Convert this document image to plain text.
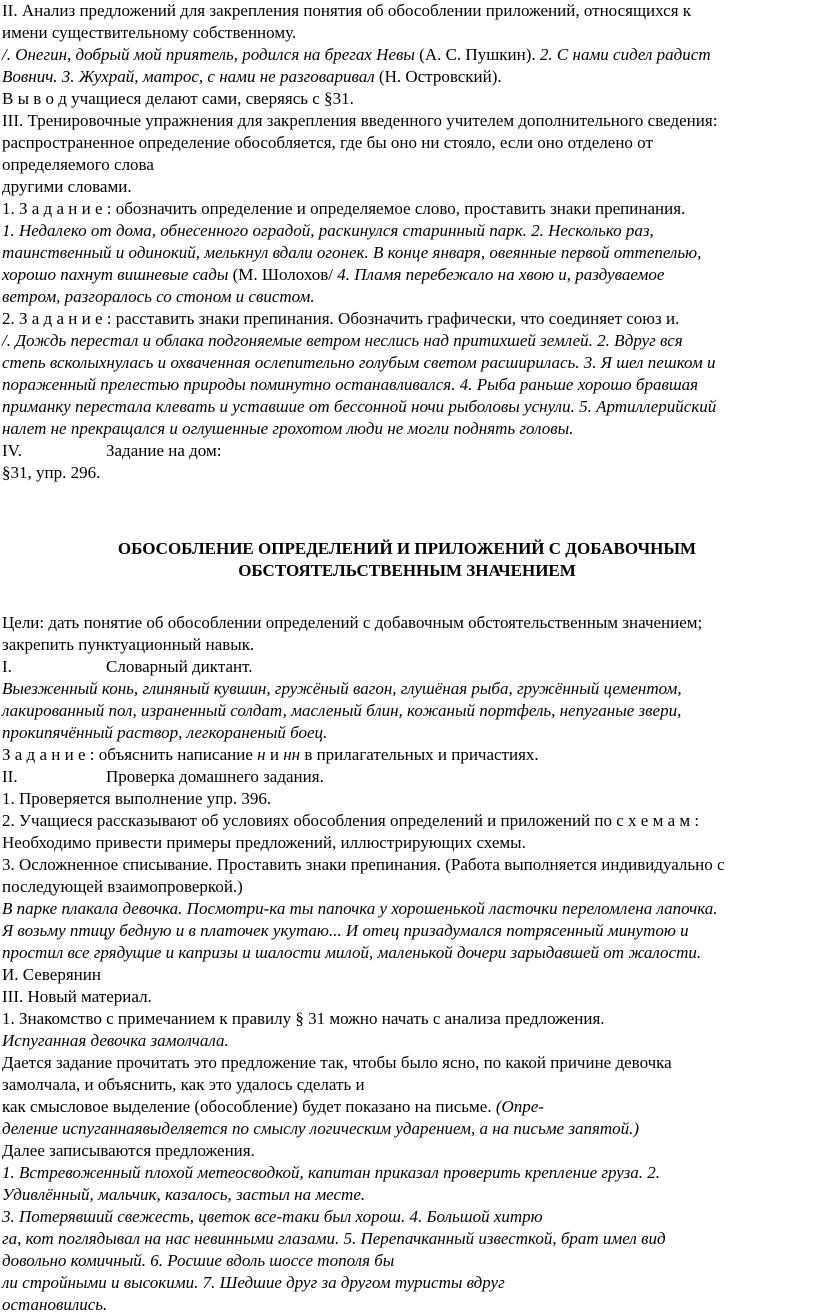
II. Анализ предложений для закрепления понятия об обособлении приложений, относящихся к

имени существительному собственному.

/. Онегин, добрый мой приятель, родился на брегах Невы (А. С. Пушкин). 2. С нами сидел радист

Вовнич. 3. Жухрай, матрос, с нами не разговаривал (Н. Островский).

В ы в о д учащиеся делают сами, сверяясь с §31.

III. Тренировочные упражнения для закрепления введенного учителем дополнительного сведения:

распространенное определение обособляется, где бы оно ни стояло, если оно отделено от

определяемого слова

другими словами.

1. З а д а н и е : обозначить определение и определяемое слово, проставить знаки препинания.

1. Недалеко от дома, обнесенного оградой, раскинулся старинный парк. 2. Несколько раз,

таинственный и одинокий, мелькнул вдали огонек. В конце января, овеянные первой оттепелью,

хорошо пахнут вишневые сады (М. Шолохов/ 4. Пламя перебежало на хвою и, раздуваемое

ветром, разгоралось со стоном и свистом.

2. З а д а н и е : расставить знаки препинания. Обозначить графически, что соединяет союз и.

/. Дождь перестал и облака подгоняемые ветром неслись над притихшей землей. 2. Вдруг вся

степь всколыхнулась и охваченная ослепительно голубым светом расширилась. 3. Я шел пешком и

пораженный прелестью природы поминутно останавливался. 4. Рыба раньше хорошо бравшая

приманку перестала клевать и уставшие от бессонной ночи рыболовы уснули. 5. Артиллерийский

налет не прекращался и оглушенные грохотом люди не могли поднять головы.

IV.	Задание на дом:

§31, упр. 296.

ОБОСОБЛЕНИЕ ОПРЕДЕЛЕНИЙ И ПРИЛОЖЕНИЙ С ДОБАВОЧНЫМ

ОБСТОЯТЕЛЬСТВЕННЫМ ЗНАЧЕНИЕМ

Цели: дать понятие об обособлении определений с добавочным обстоятельственным значением;

закрепить пунктуационный навык.

I.	Словарный диктант.

Выезженный конь, глиняный кувшин, гружёный вагон, глушёная рыба, гружённый цементом,

лакированный пол, израненный солдат, масленый блин, кожаный портфель, непуганые звери,

прокипячённый раствор, легкораненый боец.

З а д а н и е : объяснить написание н и нн в прилагательных и причастиях.

II.	Проверка домашнего задания.

1. Проверяется выполнение упр. 396.

2. Учащиеся рассказывают об условиях обособления определений и приложений по с х е м а м :

Необходимо привести примеры предложений, иллюстрирующих схемы.

3. Осложненное списывание. Проставить знаки препинания. (Работа выполняется индивидуально с

последующей взаимопроверкой.)

В парке плакала девочка. Посмотри-ка ты папочка у хорошенькой ласточки переломлена лапочка.

Я возьму птицу бедную и в платочек укутаю... И отец призадумался потрясенный минутою и

простил все грядущие и капризы и шалости милой, маленькой дочери зарыдавшей от жалости.

И. Северянин

III. Новый материал.

1. Знакомство с примечанием к правилу § 31 можно начать с анализа предложения.

Испуганная девочка замолчала.

Дается задание прочитать это предложение так, чтобы было ясно, по какой причине девочка

замолчала, и объяснить, как это удалось сделать и

как смысловое выделение (обособление) будет показано на письме. (Опре-

деление испуганнаявыделяется по смыслу логическим ударением, а на письме запятой.)

Далее записываются предложения.

1. Встревоженный плохой метеосводкой, капитан приказал проверить крепление груза. 2.

Удивлённый, мальчик, казалось, застыл на месте.

3. Потерявший свежесть, цветок все-таки был хорош. 4. Большой хитрю

га, кот поглядывал на нас невинными глазами. 5. Перепачканный известкой, брат имел вид

довольно комичный. 6. Росшие вдоль шоссе тополя бы

ли стройными и высокими. 7. Шедшие друг за другом туристы вдруг

остановились.
